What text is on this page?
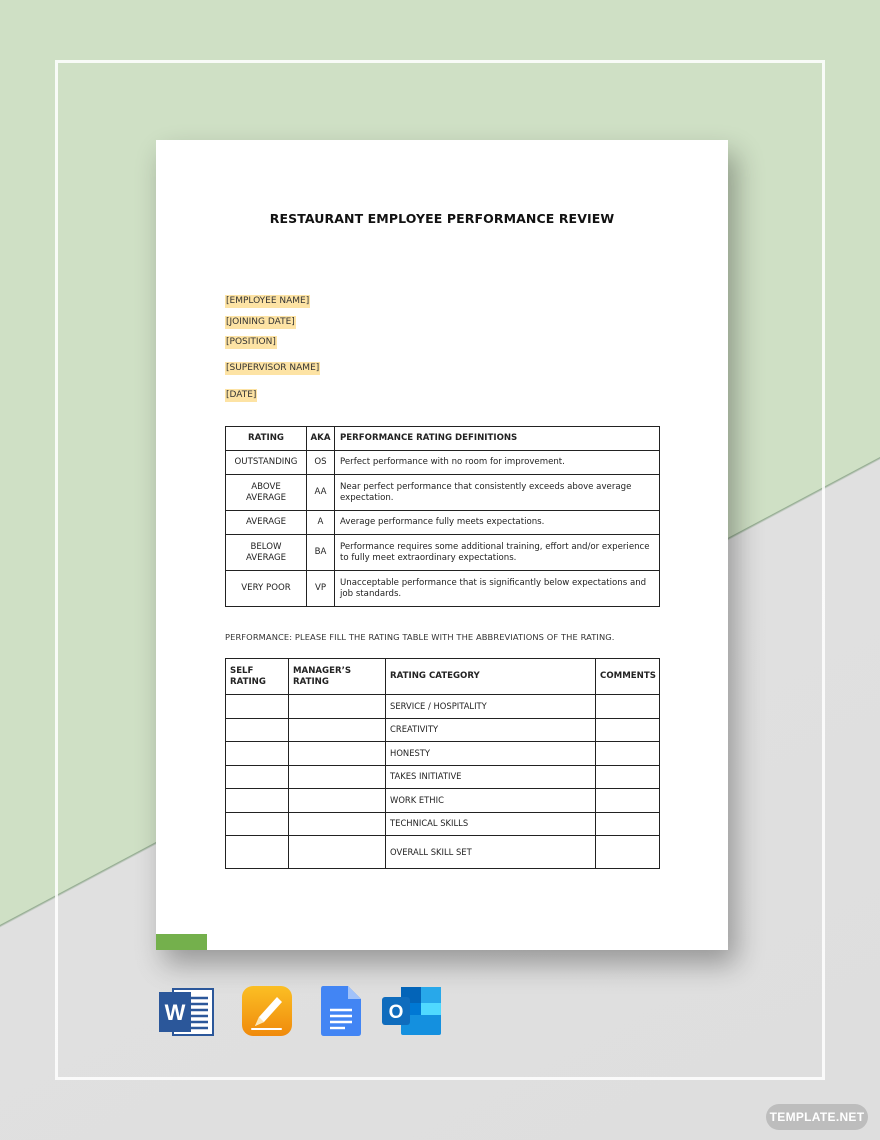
RESTAURANT EMPLOYEE PERFORMANCE REVIEW
[EMPLOYEE NAME]
[JOINING DATE]
[POSITION]
[SUPERVISOR NAME]
[DATE]
RATING	AKA	PERFORMANCE RATING DEFINITIONS
OUTSTANDING	OS	Perfect performance with no room for improvement.
ABOVE AVERAGE	AA	Near perfect performance that consistently exceeds above average expectation.
AVERAGE	A	Average performance fully meets expectations.
BELOW AVERAGE	BA	Performance requires some additional training, effort and/or experience to fully meet extraordinary expectations.
VERY POOR	VP	Unacceptable performance that is significantly below expectations and job standards.
PERFORMANCE: PLEASE FILL THE RATING TABLE WITH THE ABBREVIATIONS OF THE RATING.
SELF RATING	MANAGER’S RATING	RATING CATEGORY	COMMENTS
		SERVICE / HOSPITALITY	
		CREATIVITY	
		HONESTY	
		TAKES INITIATIVE	
		WORK ETHIC	
		TECHNICAL SKILLS	
		OVERALL SKILL SET	
W	O
TEMPLATE.NET
